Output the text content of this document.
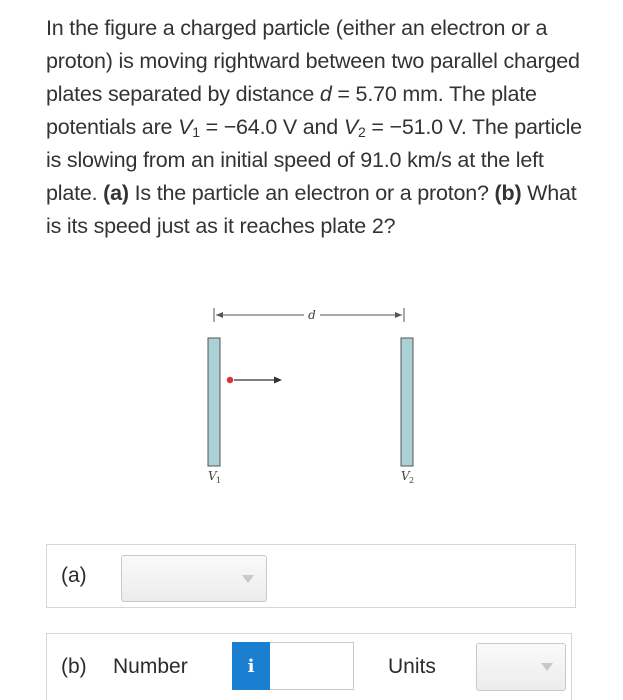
In the figure a charged particle (either an electron or a proton) is moving rightward between two parallel charged plates separated by distance d = 5.70 mm. The plate potentials are $V_1 = -64.0$ V and $V_2 = -51.0$ V. The particle is slowing from an initial speed of 91.0 km/s at the left plate. (a) Is the particle an electron or a proton? (b) What is its speed just as it reaches plate 2?
d
V 1	V 2
(a)
(b) Number	Units
i
